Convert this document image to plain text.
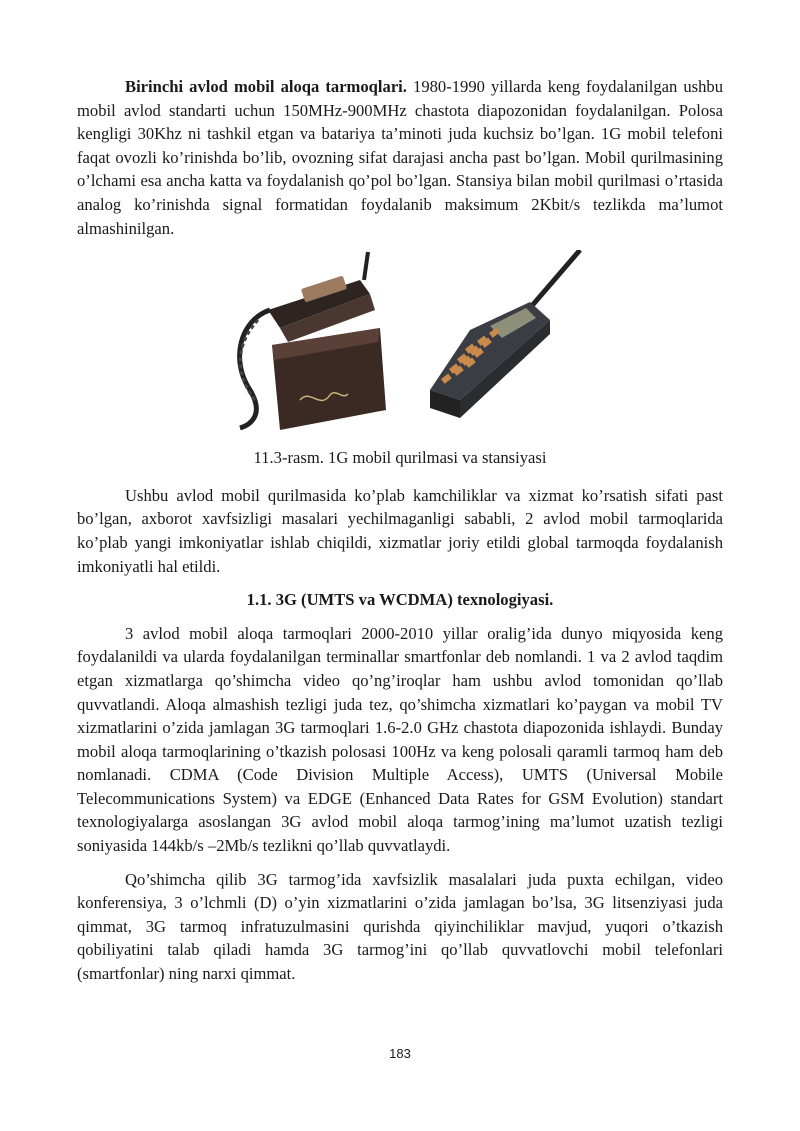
Birinchi avlod mobil aloqa tarmoqlari. 1980-1990 yillarda keng foydalanilgan ushbu mobil avlod standarti uchun 150MHz-900MHz chastota diapozonidan foydalanilgan. Polosa kengligi 30Khz ni tashkil etgan va batariya ta’minoti juda kuchsiz bo’lgan. 1G mobil telefoni faqat ovozli ko’rinishda bo’lib, ovozning sifat darajasi ancha past bo’lgan. Mobil qurilmasining o’lchami esa ancha katta va foydalanish qo’pol bo’lgan. Stansiya bilan mobil qurilmasi o’rtasida analog ko’rinishda signal formatidan foydalanib maksimum 2Kbit/s tezlikda ma’lumot almashinilgan.

11.3-rasm. 1G mobil qurilmasi va stansiyasi

Ushbu avlod mobil qurilmasida ko’plab kamchiliklar va xizmat ko’rsatish sifati past bo’lgan, axborot xavfsizligi masalari yechilmaganligi sababli, 2 avlod mobil tarmoqlarida ko’plab yangi imkoniyatlar ishlab chiqildi, xizmatlar joriy etildi global tarmoqda foydalanish imkoniyatli hal etildi.

1.1. 3G (UMTS va WCDMA) texnologiyasi.

3 avlod mobil aloqa tarmoqlari 2000-2010 yillar oralig’ida dunyo miqyosida keng foydalanildi va ularda foydalanilgan terminallar smartfonlar deb nomlandi. 1 va 2 avlod taqdim etgan xizmatlarga qo’shimcha video qo’ng’iroqlar ham ushbu avlod tomonidan qo’llab quvvatlandi. Aloqa almashish tezligi juda tez, qo’shimcha xizmatlari ko’paygan va mobil TV xizmatlarini o’zida jamlagan 3G tarmoqlari 1.6-2.0 GHz chastota diapozonida ishlaydi. Bunday mobil aloqa tarmoqlarining o’tkazish polosasi 100Hz va keng polosali qaramli tarmoq ham deb nomlanadi. CDMA (Code Division Multiple Access), UMTS (Universal Mobile Telecommunications System) va EDGE (Enhanced Data Rates for GSM Evolution) standart texnologiyalarga asoslangan 3G avlod mobil aloqa tarmog’ining ma’lumot uzatish tezligi soniyasida 144kb/s –2Mb/s tezlikni qo’llab quvvatlaydi.

Qo’shimcha qilib 3G tarmog’ida xavfsizlik masalalari juda puxta echilgan, video konferensiya, 3 o’lchmli (D) o’yin xizmatlarini o’zida jamlagan bo’lsa, 3G litsenziyasi juda qimmat, 3G tarmoq infratuzulmasini qurishda qiyinchiliklar mavjud, yuqori o’tkazish qobiliyatini talab qiladi hamda 3G tarmog’ini qo’llab quvvatlovchi mobil telefonlari (smartfonlar) ning narxi qimmat.

183
